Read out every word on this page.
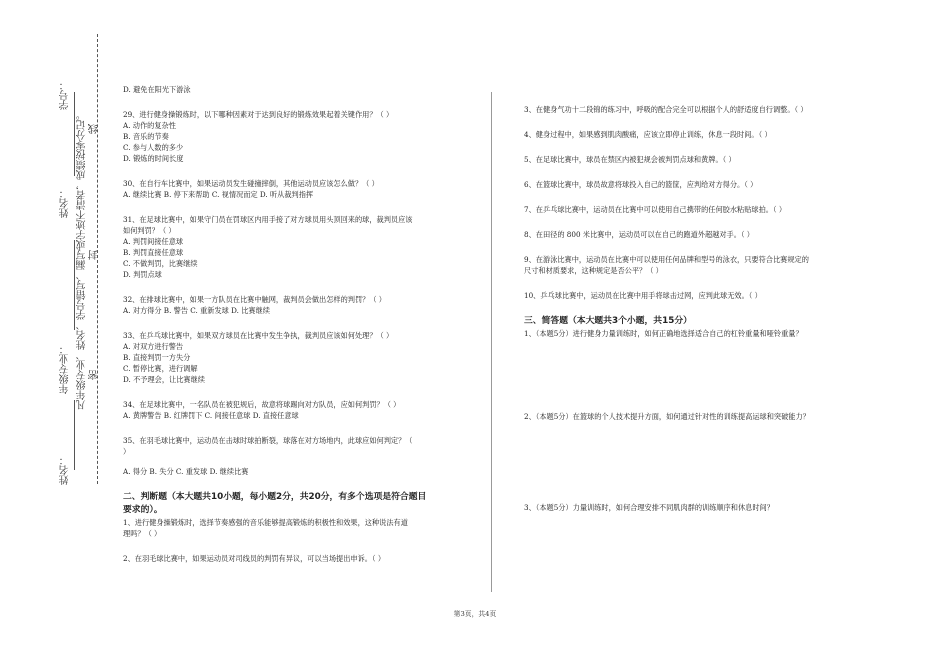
姓名：
年级专业：
姓名：
学号：
凡年级专业、姓名、学号错写、漏写或字迹不清者，成绩按零分记。 密
封
线
D. 避免在阳光下游泳
29、进行健身操锻炼时，以下哪种因素对于达到良好的锻炼效果起着关键作用？（ ）
A. 动作的复杂性
B. 音乐的节奏
C. 参与人数的多少
D. 锻炼的时间长度
30、在自行车比赛中，如果运动员发生碰撞摔倒，其他运动员应该怎么做？（ ）
A. 继续比赛 B. 停下来帮助 C. 视情况而定 D. 听从裁判指挥
31、在足球比赛中，如果守门员在罚球区内用手接了对方球员用头顶回来的球，裁判员应该
如何判罚？（ ）
A. 判罚间接任意球
B. 判罚直接任意球
C. 不做判罚，比赛继续
D. 判罚点球
32、在排球比赛中，如果一方队员在比赛中触网，裁判员会做出怎样的判罚？（ ）
A. 对方得分 B. 警告 C. 重新发球 D. 比赛继续
33、在乒乓球比赛中，如果双方球员在比赛中发生争执，裁判员应该如何处理？（ ）
A. 对双方进行警告
B. 直接判罚一方失分
C. 暂停比赛，进行调解
D. 不予理会，让比赛继续
34、在足球比赛中，一名队员在被犯规后，故意将球踢向对方队员，应如何判罚？（ ）
A. 黄牌警告 B. 红牌罚下 C. 间接任意球 D. 直接任意球
35、在羽毛球比赛中，运动员在击球时球拍断裂，球落在对方场地内，此球应如何判定？（
）
A. 得分 B. 失分 C. 重发球 D. 继续比赛
二、判断题（本大题共10小题，每小题2分，共20分，有多个选项是符合题目
要求的）。
1、进行健身操锻炼时，选择节奏感强的音乐能够提高锻炼的积极性和效果，这种说法有道
理吗？（ ）
2、在羽毛球比赛中，如果运动员对司线员的判罚有异议，可以当场提出申诉。（ ）
3、在健身气功十二段锦的练习中，呼吸的配合完全可以根据个人的舒适度自行调整。（ ）
4、健身过程中，如果感到肌肉酸痛，应该立即停止训练，休息一段时间。（ ）
5、在足球比赛中，球员在禁区内被犯规会被判罚点球和黄牌。（ ）
6、在篮球比赛中，球员故意将球投入自己的篮筐，应判给对方得分。（ ）
7、在乒乓球比赛中，运动员在比赛中可以使用自己携带的任何胶水粘贴球拍。（ ）
8、在田径的 800 米比赛中，运动员可以在自己的跑道外超越对手。（ ）
9、在游泳比赛中，运动员在比赛中可以使用任何品牌和型号的泳衣，只要符合比赛规定的
尺寸和材质要求，这种规定是否公平？（ ）
10、乒乓球比赛中，运动员在比赛中用手将球击过网，应判此球无效。（ ）
三、简答题（本大题共3个小题，共15分）
1、（本题5分）进行健身力量训练时，如何正确地选择适合自己的杠铃重量和哑铃重量？
2、（本题5分）在篮球的个人技术提升方面，如何通过针对性的训练提高运球和突破能力？
3、（本题5分）力量训练时，如何合理安排不同肌肉群的训练顺序和休息时间？
第3页，共4页
